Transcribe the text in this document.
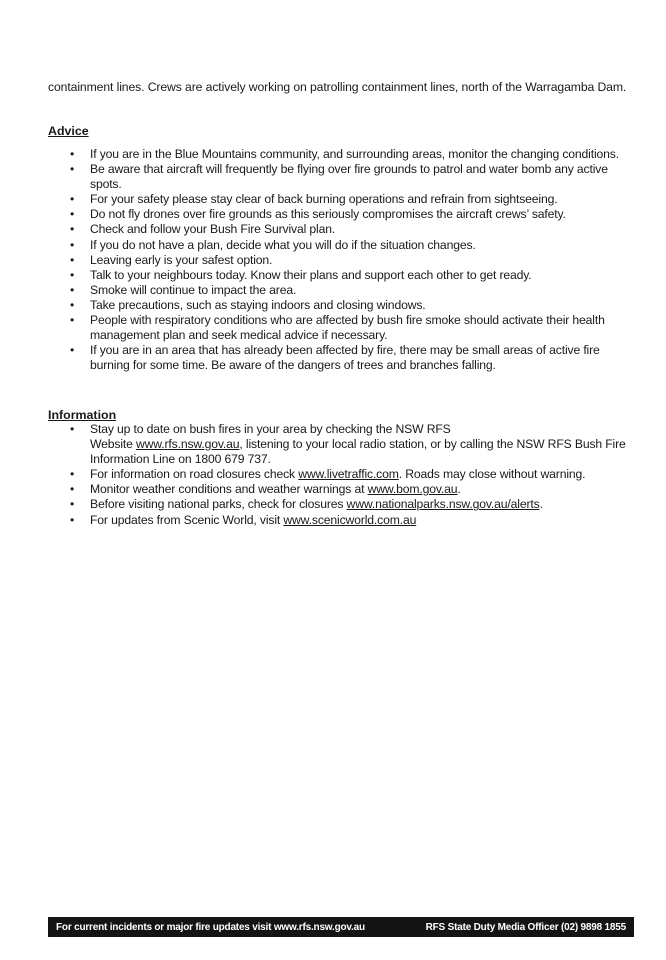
containment lines. Crews are actively working on patrolling containment lines, north of the Warragamba Dam.

Advice
• If you are in the Blue Mountains community, and surrounding areas, monitor the changing conditions.
• Be aware that aircraft will frequently be flying over fire grounds to patrol and water bomb any active spots.
• For your safety please stay clear of back burning operations and refrain from sightseeing.
• Do not fly drones over fire grounds as this seriously compromises the aircraft crews’ safety.
• Check and follow your Bush Fire Survival plan.
• If you do not have a plan, decide what you will do if the situation changes.
• Leaving early is your safest option.
• Talk to your neighbours today. Know their plans and support each other to get ready.
• Smoke will continue to impact the area.
• Take precautions, such as staying indoors and closing windows.
• People with respiratory conditions who are affected by bush fire smoke should activate their health management plan and seek medical advice if necessary.
• If you are in an area that has already been affected by fire, there may be small areas of active fire burning for some time. Be aware of the dangers of trees and branches falling.
Information
• Stay up to date on bush fires in your area by checking the NSW RFS
Website www.rfs.nsw.gov.au, listening to your local radio station, or by calling the NSW RFS Bush Fire Information Line on 1800 679 737.
• For information on road closures check www.livetraffic.com. Roads may close without warning.
• Monitor weather conditions and weather warnings at www.bom.gov.au.
• Before visiting national parks, check for closures www.nationalparks.nsw.gov.au/alerts.
• For updates from Scenic World, visit www.scenicworld.com.au
For current incidents or major fire updates visit www.rfs.nsw.gov.au	RFS State Duty Media Officer (02) 9898 1855
